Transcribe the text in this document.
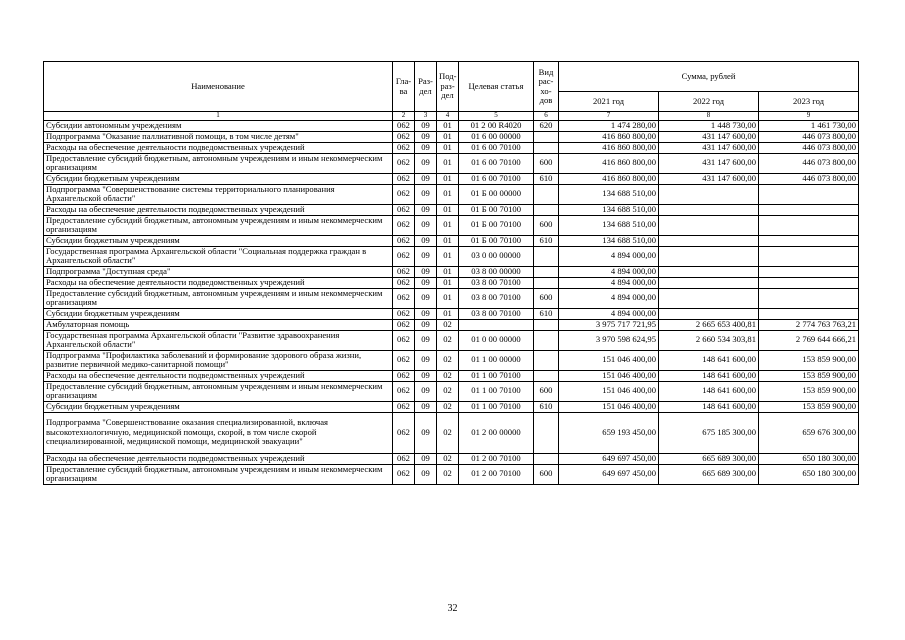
Наименование	Гла-ва	Раз-дел	Под-раз-дел	Целевая статья	Вид рас-хо-дов	Сумма, рублей		
						2021 год	2022 год	2023 год
1	2	3	4	5	6	7	8	9
Субсидии автономным учреждениям	062	09	01	01 2 00 R4020	620	1 474 280,00	1 448 730,00	1 461 730,00
Подпрограмма "Оказание паллиативной помощи, в том числе детям"	062	09	01	01 6 00 00000		416 860 800,00	431 147 600,00	446 073 800,00
Расходы на обеспечение деятельности подведомственных учреждений	062	09	01	01 6 00 70100		416 860 800,00	431 147 600,00	446 073 800,00
Предоставление субсидий бюджетным, автономным учреждениям и иным некоммерческим организациям	062	09	01	01 6 00 70100	600	416 860 800,00	431 147 600,00	446 073 800,00
Субсидии бюджетным учреждениям	062	09	01	01 6 00 70100	610	416 860 800,00	431 147 600,00	446 073 800,00
Подпрограмма "Совершенствование системы территориального планирования Архангельской области"	062	09	01	01 Б 00 00000		134 688 510,00		
Расходы на обеспечение деятельности подведомственных учреждений	062	09	01	01 Б 00 70100		134 688 510,00		
Предоставление субсидий бюджетным, автономным учреждениям и иным некоммерческим организациям	062	09	01	01 Б 00 70100	600	134 688 510,00		
Субсидии бюджетным учреждениям	062	09	01	01 Б 00 70100	610	134 688 510,00		
Государственная программа Архангельской области "Социальная поддержка граждан в Архангельской области"	062	09	01	03 0 00 00000		4 894 000,00		
Подпрограмма "Доступная среда"	062	09	01	03 8 00 00000		4 894 000,00		
Расходы на обеспечение деятельности подведомственных учреждений	062	09	01	03 8 00 70100		4 894 000,00		
Предоставление субсидий бюджетным, автономным учреждениям и иным некоммерческим организациям	062	09	01	03 8 00 70100	600	4 894 000,00		
Субсидии бюджетным учреждениям	062	09	01	03 8 00 70100	610	4 894 000,00		
Амбулаторная помощь	062	09	02			3 975 717 721,95	2 665 653 400,81	2 774 763 763,21
Государственная программа Архангельской области "Развитие здравоохранения Архангельской области"	062	09	02	01 0 00 00000		3 970 598 624,95	2 660 534 303,81	2 769 644 666,21
Подпрограмма "Профилактика заболеваний и формирование здорового образа жизни, развитие первичной медико-санитарной помощи"	062	09	02	01 1 00 00000		151 046 400,00	148 641 600,00	153 859 900,00
Расходы на обеспечение деятельности подведомственных учреждений	062	09	02	01 1 00 70100		151 046 400,00	148 641 600,00	153 859 900,00
Предоставление субсидий бюджетным, автономным учреждениям и иным некоммерческим организациям	062	09	02	01 1 00 70100	600	151 046 400,00	148 641 600,00	153 859 900,00
Субсидии бюджетным учреждениям	062	09	02	01 1 00 70100	610	151 046 400,00	148 641 600,00	153 859 900,00
Подпрограмма "Совершенствование оказания специализированной, включая высокотехнологичную, медицинской помощи, скорой, в том числе скорой специализированной, медицинской помощи, медицинской эвакуации"	062	09	02	01 2 00 00000		659 193 450,00	675 185 300,00	659 676 300,00
Расходы на обеспечение деятельности подведомственных учреждений	062	09	02	01 2 00 70100		649 697 450,00	665 689 300,00	650 180 300,00
Предоставление субсидий бюджетным, автономным учреждениям и иным некоммерческим организациям	062	09	02	01 2 00 70100	600	649 697 450,00	665 689 300,00	650 180 300,00
32
